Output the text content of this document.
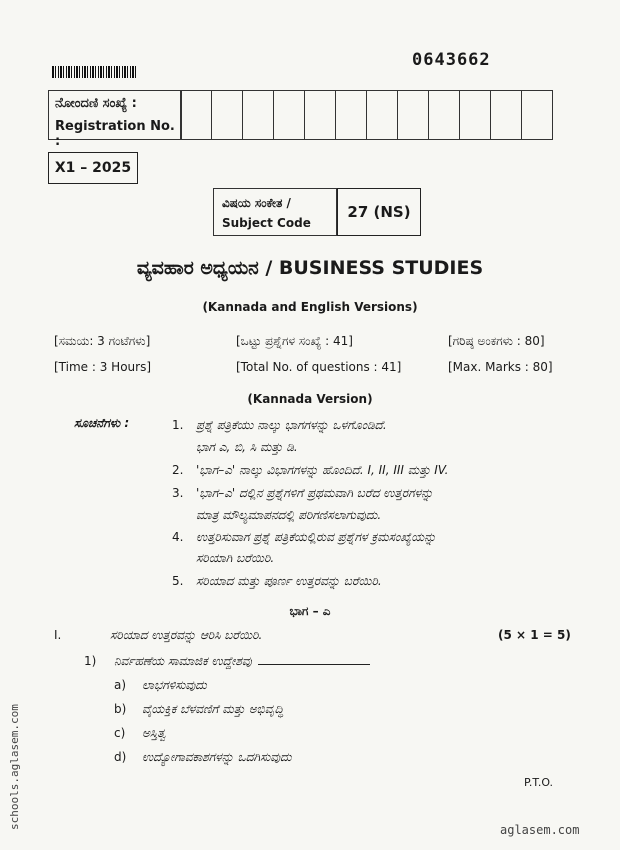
0643662
ನೋಂದಣಿ ಸಂಖ್ಯೆ :
Registration No. :
X1 – 2025
ವಿಷಯ ಸಂಕೇತ /
Subject Code
27 (NS)
ವ್ಯವಹಾರ ಅಧ್ಯಯನ / BUSINESS STUDIES
(Kannada and English Versions)
[ಸಮಯ: 3 ಗಂಟೆಗಳು]	[ಒಟ್ಟು ಪ್ರಶ್ನೆಗಳ ಸಂಖ್ಯೆ : 41]	[ಗರಿಷ್ಠ ಅಂಕಗಳು : 80]
[Time : 3 Hours]	[Total No. of questions : 41]	[Max. Marks : 80]
(Kannada Version)
ಸೂಚನೆಗಳು :	1. ಪ್ರಶ್ನೆ ಪತ್ರಿಕೆಯು ನಾಲ್ಕು ಭಾಗಗಳನ್ನು ಒಳಗೊಂಡಿದೆ.
ಭಾಗ ಎ, ಬಿ, ಸಿ ಮತ್ತು ಡಿ.
2. 'ಭಾಗ–ಎ' ನಾಲ್ಕು ವಿಭಾಗಗಳನ್ನು ಹೊಂದಿದೆ. I, II, III ಮತ್ತು IV.
3. 'ಭಾಗ–ಎ' ದಲ್ಲಿನ ಪ್ರಶ್ನೆಗಳಿಗೆ ಪ್ರಥಮವಾಗಿ ಬರೆದ ಉತ್ತರಗಳನ್ನು
ಮಾತ್ರ ಮೌಲ್ಯಮಾಪನದಲ್ಲಿ ಪರಿಗಣಿಸಲಾಗುವುದು.
4. ಉತ್ತರಿಸುವಾಗ ಪ್ರಶ್ನೆ ಪತ್ರಿಕೆಯಲ್ಲಿರುವ ಪ್ರಶ್ನೆಗಳ ಕ್ರಮಸಂಖ್ಯೆಯನ್ನು
ಸರಿಯಾಗಿ ಬರೆಯಿರಿ.
5. ಸರಿಯಾದ ಮತ್ತು ಪೂರ್ಣ ಉತ್ತರವನ್ನು ಬರೆಯಿರಿ.
ಭಾಗ – ಎ
I.	ಸರಿಯಾದ ಉತ್ತರವನ್ನು ಆರಿಸಿ ಬರೆಯಿರಿ.	(5 × 1 = 5)
1) ನಿರ್ವಹಣೆಯ ಸಾಮಾಜಿಕ ಉದ್ದೇಶವು
a) ಲಾಭಗಳಿಸುವುದು
b) ವೈಯಕ್ತಿಕ ಬೆಳವಣಿಗೆ ಮತ್ತು ಅಭಿವೃದ್ಧಿ
c) ಅಸ್ತಿತ್ವ
d) ಉದ್ಯೋಗಾವಕಾಶಗಳನ್ನು ಒದಗಿಸುವುದು
P.T.O.
schools.aglasem.com	aglasem.com
